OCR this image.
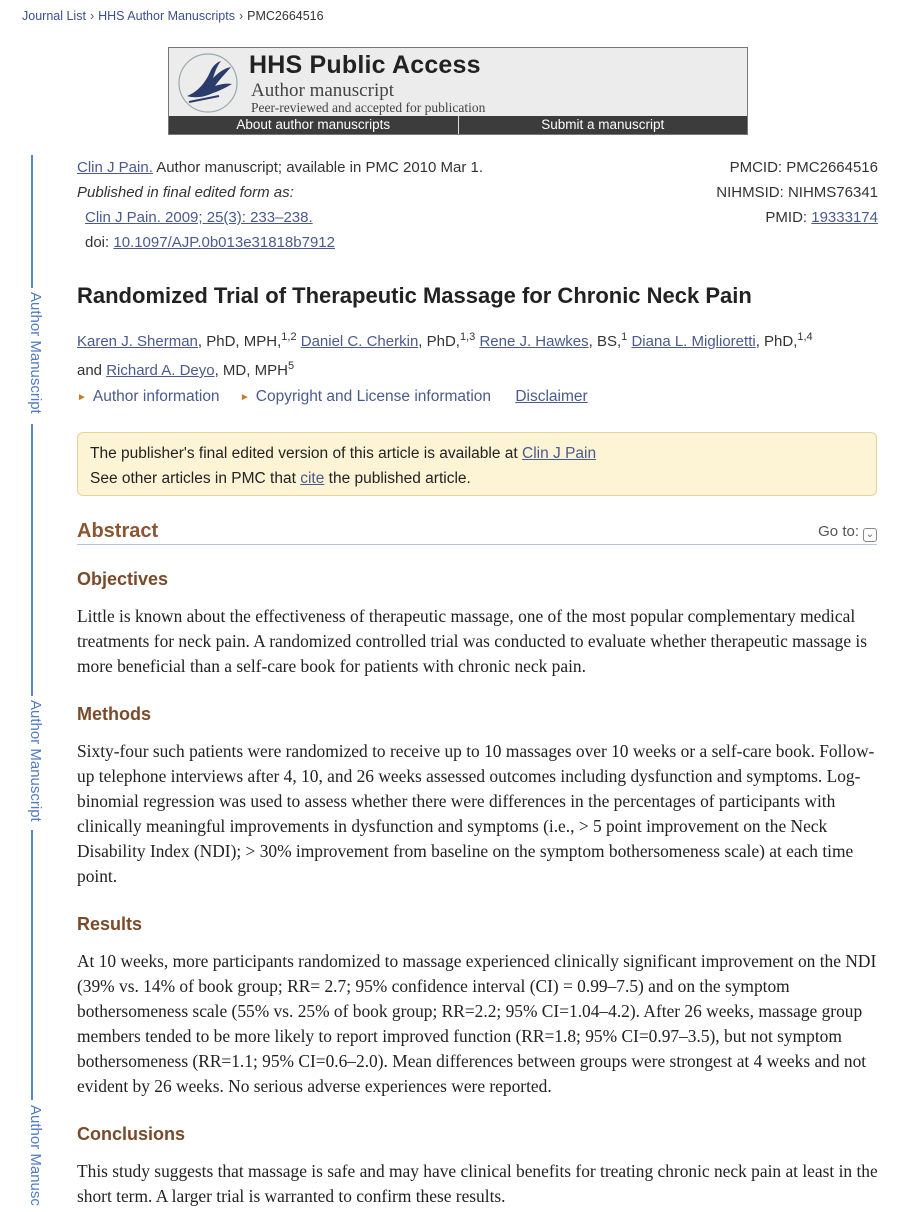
Journal List › HHS Author Manuscripts › PMC2664516
HHS Public Access
Author manuscript
Peer-reviewed and accepted for publication
About author manuscripts	Submit a manuscript
Author Manuscript
Author Manuscript
Author Manusc
Clin J Pain. Author manuscript; available in PMC 2010 Mar 1.
Published in final edited form as:
Clin J Pain. 2009; 25(3): 233–238.
doi: 10.1097/AJP.0b013e31818b7912
PMCID: PMC2664516
NIHMSID: NIHMS76341
PMID: 19333174
Randomized Trial of Therapeutic Massage for Chronic Neck Pain
Karen J. Sherman, PhD, MPH,$^{1,2}$ Daniel C. Cherkin, PhD,$^{1,3}$ Rene J. Hawkes, BS,$^1$ Diana L. Miglioretti, PhD,$^{1,4}$
and Richard A. Deyo, MD, MPH$^5$
► Author information ► Copyright and License information Disclaimer
The publisher's final edited version of this article is available at Clin J Pain
See other articles in PMC that cite the published article.
Abstract	Go to: ⌄
Objectives
Little is known about the effectiveness of therapeutic massage, one of the most popular complementary medical treatments for neck pain. A randomized controlled trial was conducted to evaluate whether therapeutic massage is more beneficial than a self-care book for patients with chronic neck pain.
Methods
Sixty-four such patients were randomized to receive up to 10 massages over 10 weeks or a self-care book. Follow-up telephone interviews after 4, 10, and 26 weeks assessed outcomes including dysfunction and symptoms. Log-binomial regression was used to assess whether there were differences in the percentages of participants with clinically meaningful improvements in dysfunction and symptoms (i.e., > 5 point improvement on the Neck Disability Index (NDI); > 30% improvement from baseline on the symptom bothersomeness scale) at each time point.
Results
At 10 weeks, more participants randomized to massage experienced clinically significant improvement on the NDI (39% vs. 14% of book group; RR= 2.7; 95% confidence interval (CI) = 0.99–7.5) and on the symptom bothersomeness scale (55% vs. 25% of book group; RR=2.2; 95% CI=1.04–4.2). After 26 weeks, massage group members tended to be more likely to report improved function (RR=1.8; 95% CI=0.97–3.5), but not symptom bothersomeness (RR=1.1; 95% CI=0.6–2.0). Mean differences between groups were strongest at 4 weeks and not evident by 26 weeks. No serious adverse experiences were reported.
Conclusions
This study suggests that massage is safe and may have clinical benefits for treating chronic neck pain at least in the short term. A larger trial is warranted to confirm these results.
